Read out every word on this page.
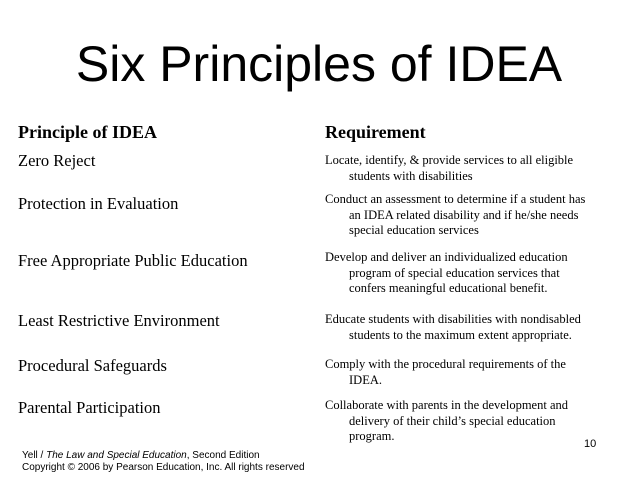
Six Principles of IDEA
Principle of IDEA	Requirement
Zero Reject	Locate, identify, & provide services to all eligible
students with disabilities
Protection in Evaluation	Conduct an assessment to determine if a student has
an IDEA related disability and if he/she needs
special education services
Free Appropriate Public Education	Develop and deliver an individualized education
program of special education services that
confers meaningful educational benefit.
Least Restrictive Environment	Educate students with disabilities with nondisabled
students to the maximum extent appropriate.
Procedural Safeguards	Comply with the procedural requirements of the
IDEA.
Parental Participation	Collaborate with parents in the development and
delivery of their child’s special education
program.
10
Yell / The Law and Special Education, Second Edition
Copyright © 2006 by Pearson Education, Inc. All rights reserved
